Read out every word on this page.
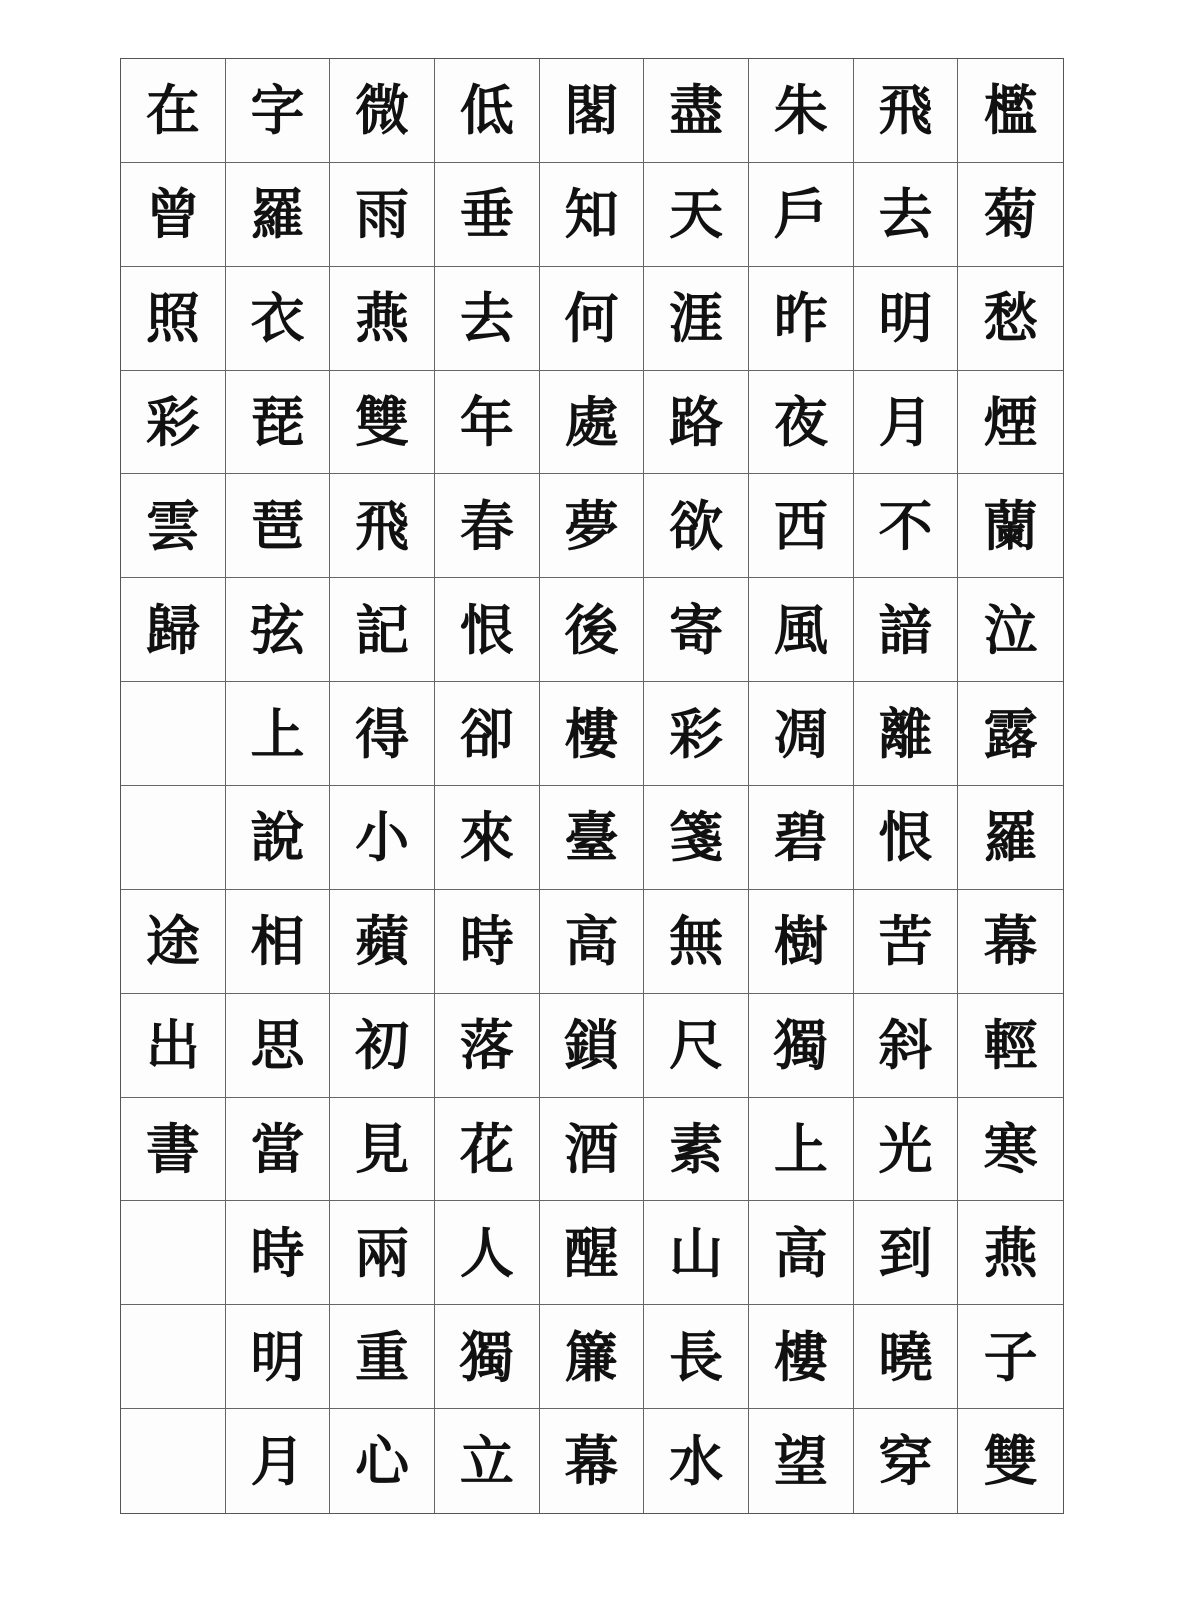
在 字 微 低 閣 盡 朱 飛 檻
曾 羅 雨 垂 知 天 戶 去 菊
照 衣 燕 去 何 涯 昨 明 愁
彩 琵 雙 年 處 路 夜 月 煙
雲 琶 飛 春 夢 欲 西 不 蘭
歸 弦 記 恨 後 寄 風 諳 泣
上 得 卻 樓 彩 凋 離 露
說 小 來 臺 箋 碧 恨 羅
途 相 蘋 時 高 無 樹 苦 幕
出 思 初 落 鎖 尺 獨 斜 輕
書 當 見 花 酒 素 上 光 寒
時 兩 人 醒 山 高 到 燕
明 重 獨 簾 長 樓 曉 子
月 心 立 幕 水 望 穿 雙
